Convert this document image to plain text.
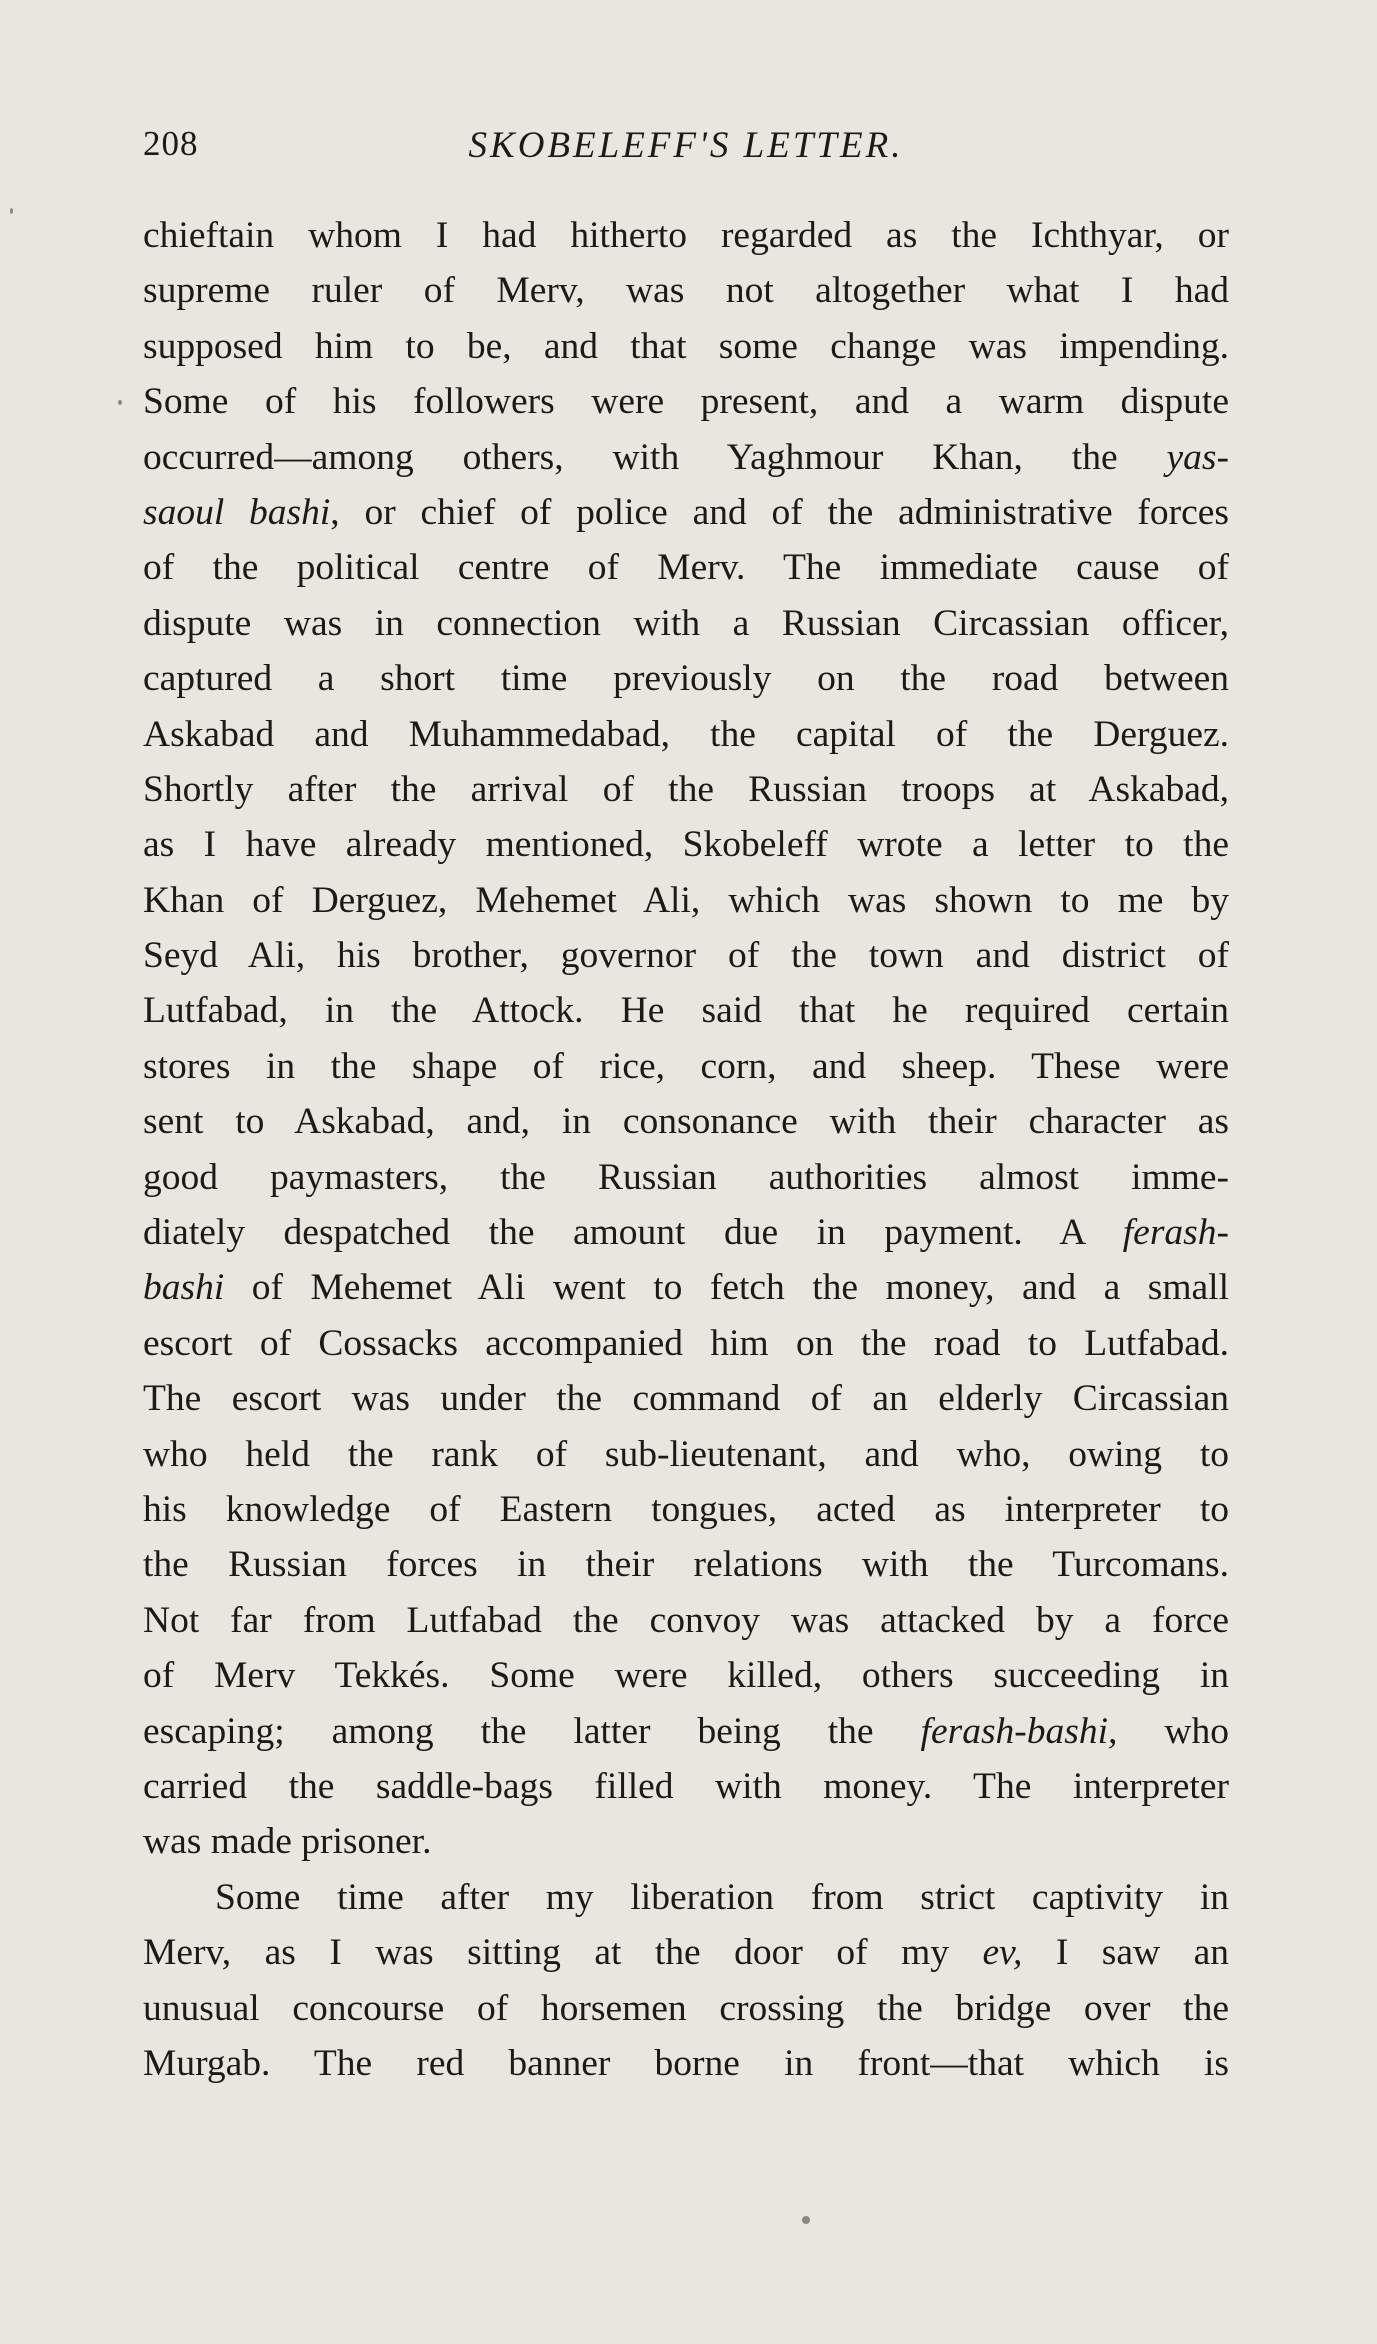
208	SKOBELEFF'S LETTER.
chieftain whom I had hitherto regarded as the Ichthyar, or
supreme ruler of Merv, was not altogether what I had
supposed him to be, and that some change was impending.
Some of his followers were present, and a warm dispute
occurred—among others, with Yaghmour Khan, the yas-
saoul bashi, or chief of police and of the administrative forces
of the political centre of Merv. The immediate cause of
dispute was in connection with a Russian Circassian officer,
captured a short time previously on the road between
Askabad and Muhammedabad, the capital of the Derguez.
Shortly after the arrival of the Russian troops at Askabad,
as I have already mentioned, Skobeleff wrote a letter to the
Khan of Derguez, Mehemet Ali, which was shown to me by
Seyd Ali, his brother, governor of the town and district of
Lutfabad, in the Attock. He said that he required certain
stores in the shape of rice, corn, and sheep. These were
sent to Askabad, and, in consonance with their character as
good paymasters, the Russian authorities almost imme-
diately despatched the amount due in payment. A ferash-
bashi of Mehemet Ali went to fetch the money, and a small
escort of Cossacks accompanied him on the road to Lutfabad.
The escort was under the command of an elderly Circassian
who held the rank of sub-lieutenant, and who, owing to
his knowledge of Eastern tongues, acted as interpreter to
the Russian forces in their relations with the Turcomans.
Not far from Lutfabad the convoy was attacked by a force
of Merv Tekkés. Some were killed, others succeeding in
escaping; among the latter being the ferash-bashi, who
carried the saddle-bags filled with money. The interpreter
was made prisoner.
Some time after my liberation from strict captivity in
Merv, as I was sitting at the door of my ev, I saw an
unusual concourse of horsemen crossing the bridge over the
Murgab. The red banner borne in front—that which is
